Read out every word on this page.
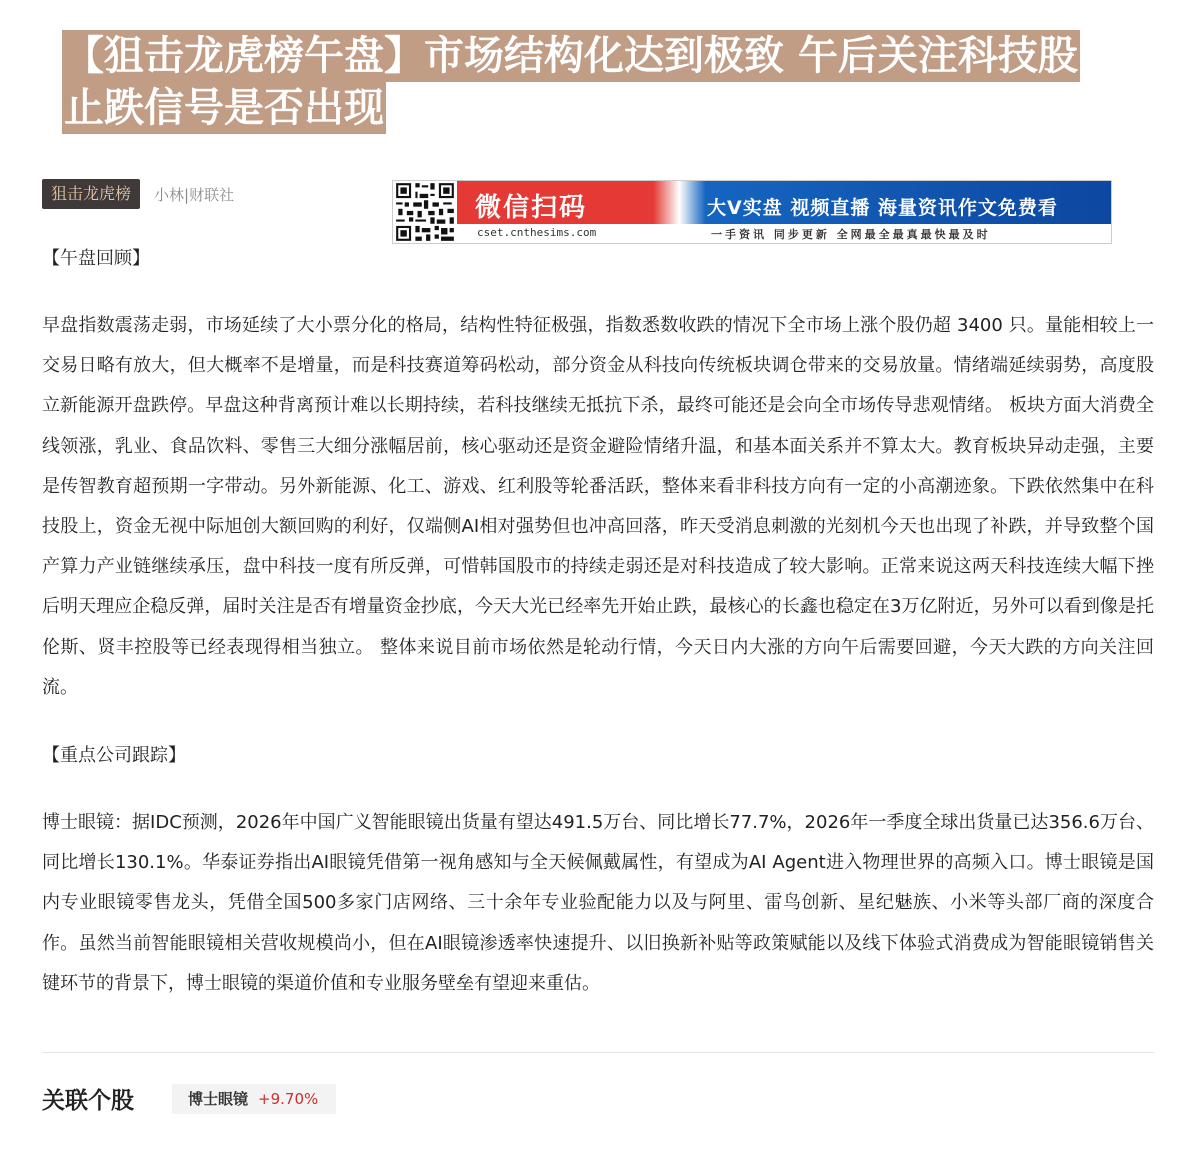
【狙击龙虎榜午盘】市场结构化达到极致 午后关注科技股
止跌信号是否出现
狙击龙虎榜	小林|财联社	微信扫码	大V实盘 视频直播 海量资讯作文免费看
cset.cnthesims.com	一手资讯 同步更新 全网最全最真最快最及时
【午盘回顾】

早盘指数震荡走弱，市场延续了大小票分化的格局，结构性特征极强，指数悉数收跌的情况下全市场上涨个股仍超 3400 只。量能相较上一交易日略有放大，但大概率不是增量，而是科技赛道筹码松动，部分资金从科技向传统板块调仓带来的交易放量。情绪端延续弱势，高度股立新能源开盘跌停。早盘这种背离预计难以长期持续，若科技继续无抵抗下杀，最终可能还是会向全市场传导悲观情绪。 板块方面大消费全线领涨，乳业、食品饮料、零售三大细分涨幅居前，核心驱动还是资金避险情绪升温，和基本面关系并不算太大。教育板块异动走强，主要是传智教育超预期一字带动。另外新能源、化工、游戏、红利股等轮番活跃，整体来看非科技方向有一定的小高潮迹象。下跌依然集中在科技股上，资金无视中际旭创大额回购的利好，仅端侧AI相对强势但也冲高回落，昨天受消息刺激的光刻机今天也出现了补跌，并导致整个国产算力产业链继续承压，盘中科技一度有所反弹，可惜韩国股市的持续走弱还是对科技造成了较大影响。正常来说这两天科技连续大幅下挫后明天理应企稳反弹，届时关注是否有增量资金抄底，今天大光已经率先开始止跌，最核心的长鑫也稳定在3万亿附近，另外可以看到像是托伦斯、贤丰控股等已经表现得相当独立。 整体来说目前市场依然是轮动行情，今天日内大涨的方向午后需要回避，今天大跌的方向关注回流。

【重点公司跟踪】

博士眼镜：据IDC预测，2026年中国广义智能眼镜出货量有望达491.5万台、同比增长77.7%，2026年一季度全球出货量已达356.6万台、同比增长130.1%。华泰证券指出AI眼镜凭借第一视角感知与全天候佩戴属性，有望成为AI Agent进入物理世界的高频入口。博士眼镜是国内专业眼镜零售龙头，凭借全国500多家门店网络、三十余年专业验配能力以及与阿里、雷鸟创新、星纪魅族、小米等头部厂商的深度合作。虽然当前智能眼镜相关营收规模尚小，但在AI眼镜渗透率快速提升、以旧换新补贴等政策赋能以及线下体验式消费成为智能眼镜销售关键环节的背景下，博士眼镜的渠道价值和专业服务壁垒有望迎来重估。

关联个股	博士眼镜 +9.70%
